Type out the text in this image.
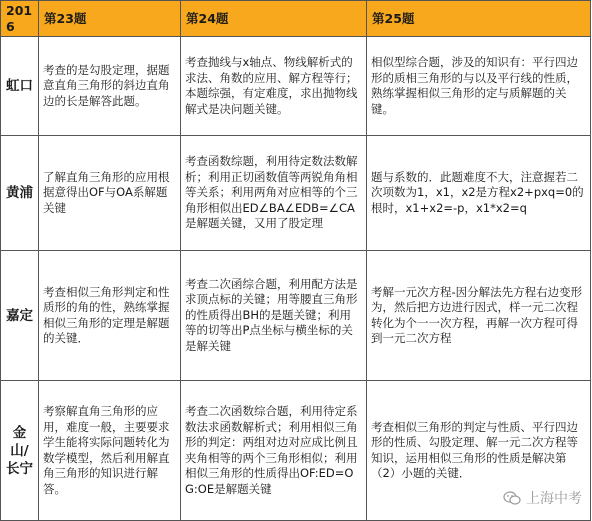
2016	第23题	第24题	第25题
虹口	考查的是勾股定理，据题意直角三角形的斜边直角边的长是解答此题。	考查抛线与x轴点、物线解析式的求法、角数的应用、解方程等行；本题综强，有定难度，求出抛物线解式是决问题关键。	相似型综合题，涉及的知识有：平行四边形的质相三角形的与以及平行线的性质，熟练掌握相似三角形的定与质解题的关键。
黄浦	了解直角三角形的应用根据意得出OF与OA系解题关键	考查函数综题，利用待定数法数解析；利用正切函数值等两锐角角相等关系；利用两角对应相等的个三角形相似出ED∠BA∠EDB=∠CA是解题关键，又用了股定理	题与系数的．此题难度不大，注意握若二次项数为1，x1，x2是方程x2+pxq=0的根时，x1+x2=-p，x1*x2=q
嘉定	考查相似三角形判定和性质形的角的性，熟练掌握相似三角形的定理是解题的关键．	考查二次函综合题，利用配方法是求顶点标的关键；用等腰直三角形的性质得出BH的是题关键；利用等的切等出P点坐标与横坐标的关是解关键	考解一元次方程-因分解法先方程右边变形为，然后把方边进行因式，样一元二次程转化为个一一次方程，再解一次方程可得到一元二次方程
金山/长宁	考察解直角三角形的应用，难度一般，主要要求学生能将实际问题转化为数学模型，然后利用解直角三角形的知识进行解答。	考查二次函数综合题，利用待定系数法求函数解析式；利用相似三角形的判定：两组对边对应成比例且夹角相等的两个三角形相似；利用相似三角形的性质得出OF:ED=OG:OE是解题关键	考查相似三角形的判定与性质、平行四边形的性质、勾股定理、解一元二次方程等知识，运用相似三角形的性质是解决第（2）小题的关键．
上海中考
